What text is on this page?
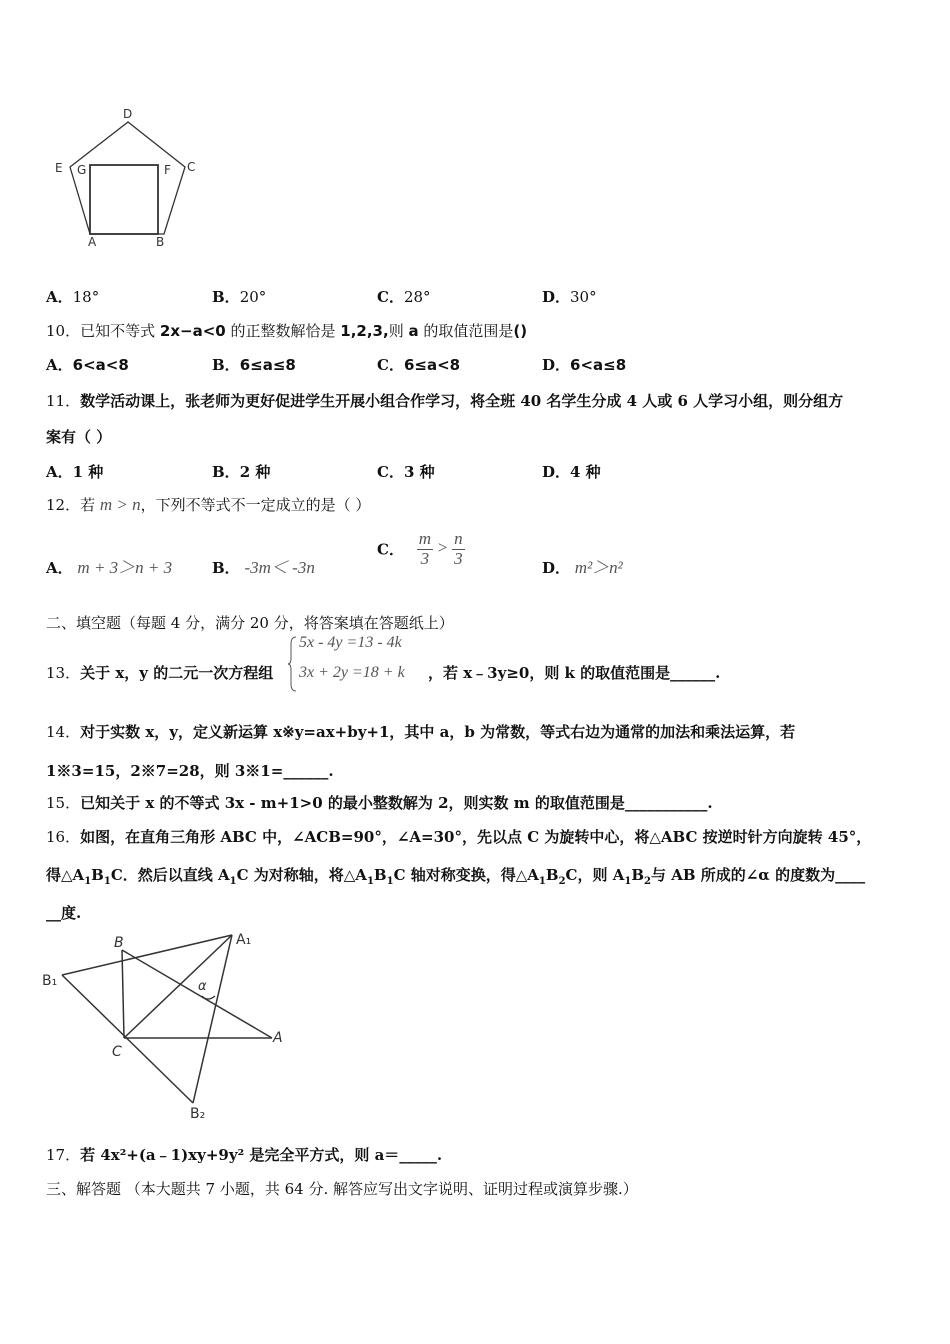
D
E G	F C
A	B
A．18°	B．20°	C．28°	D．30°
10．已知不等式 2x−a<0 的正整数解恰是 1,2,3,则 a 的取值范围是()
A．6<a<8	B．6≤a≤8	C．6≤a<8	D．6<a≤8
11．数学活动课上，张老师为更好促进学生开展小组合作学习，将全班 40 名学生分成 4 人或 6 人学习小组，则分组方
案有（ ）
A．1 种	B．2 种	C．3 种	D．4 种
12．若 m > n，下列不等式不一定成立的是（ ）
A． m + 3＞n + 3	B． -3m＜ -3n
C． $\frac{m}{3} > \frac{n}{3}$	D． m²＞n²
二、填空题（每题 4 分，满分 20 分，将答案填在答题纸上）
13．关于 x，y 的二元一次方程组
5x - 4y =13 - 4k
3x + 2y =18 + k ，若 x﹣3y≥0，则 k 的取值范围是______.
14．对于实数 x，y，定义新运算 x※y=ax+by+1，其中 a，b 为常数，等式右边为通常的加法和乘法运算，若
1※3=15，2※7=28，则 3※1=______.
15．已知关于 x 的不等式 3x - m+1>0 的最小整数解为 2，则实数 m 的取值范围是___________.
16．如图，在直角三角形 ABC 中，∠ACB=90°，∠A=30°，先以点 C 为旋转中心，将△ABC 按逆时针方向旋转 45°，
得$\triangle A_1B_1C$．然后以直线 $A_1C$ 为对称轴，将$\triangle A_1B_1C$ 轴对称变换，得$\triangle A_1B_2C$，则 $A_1B_2$与 AB 所成的∠α 的度数为____
__度.
B	A₁
B₁	α
C
A
B₂
17．若 4x²+(a﹣1)xy+9y² 是完全平方式，则 a＝_____.
三、解答题 （本大题共 7 小题，共 64 分. 解答应写出文字说明、证明过程或演算步骤.）
